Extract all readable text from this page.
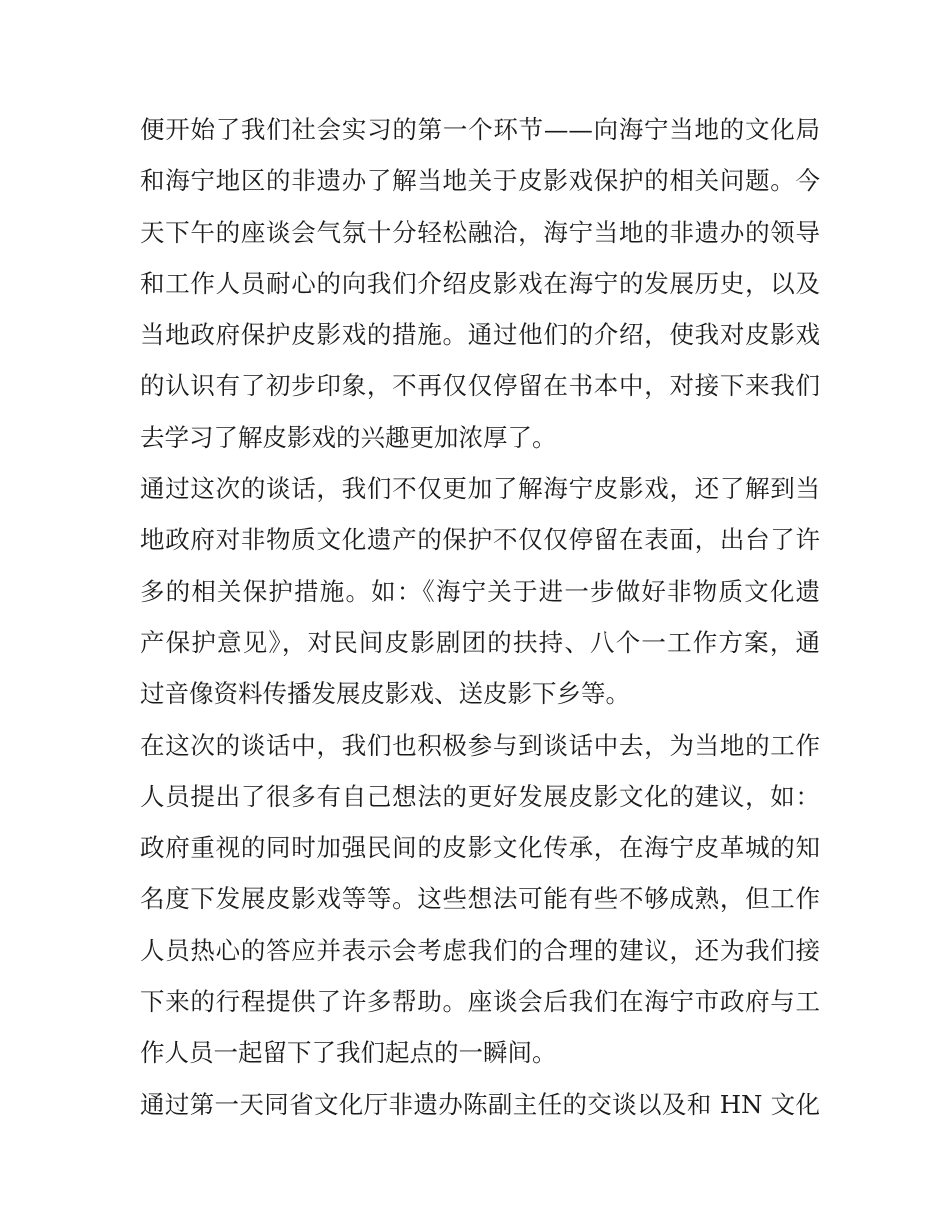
便开始了我们社会实习的第一个环节——向海宁当地的文化局
和海宁地区的非遗办了解当地关于皮影戏保护的相关问题。今
天下午的座谈会气氛十分轻松融洽，海宁当地的非遗办的领导
和工作人员耐心的向我们介绍皮影戏在海宁的发展历史，以及
当地政府保护皮影戏的措施。通过他们的介绍，使我对皮影戏
的认识有了初步印象，不再仅仅停留在书本中，对接下来我们
去学习了解皮影戏的兴趣更加浓厚了。
通过这次的谈话，我们不仅更加了解海宁皮影戏，还了解到当
地政府对非物质文化遗产的保护不仅仅停留在表面，出台了许
多的相关保护措施。如：《海宁关于进一步做好非物质文化遗
产保护意见》，对民间皮影剧团的扶持、八个一工作方案，通
过音像资料传播发展皮影戏、送皮影下乡等。
在这次的谈话中，我们也积极参与到谈话中去，为当地的工作
人员提出了很多有自己想法的更好发展皮影文化的建议，如：
政府重视的同时加强民间的皮影文化传承，在海宁皮革城的知
名度下发展皮影戏等等。这些想法可能有些不够成熟，但工作
人员热心的答应并表示会考虑我们的合理的建议，还为我们接
下来的行程提供了许多帮助。座谈会后我们在海宁市政府与工
作人员一起留下了我们起点的一瞬间。
通过第一天同省文化厅非遗办陈副主任的交谈以及和 HN 文化
